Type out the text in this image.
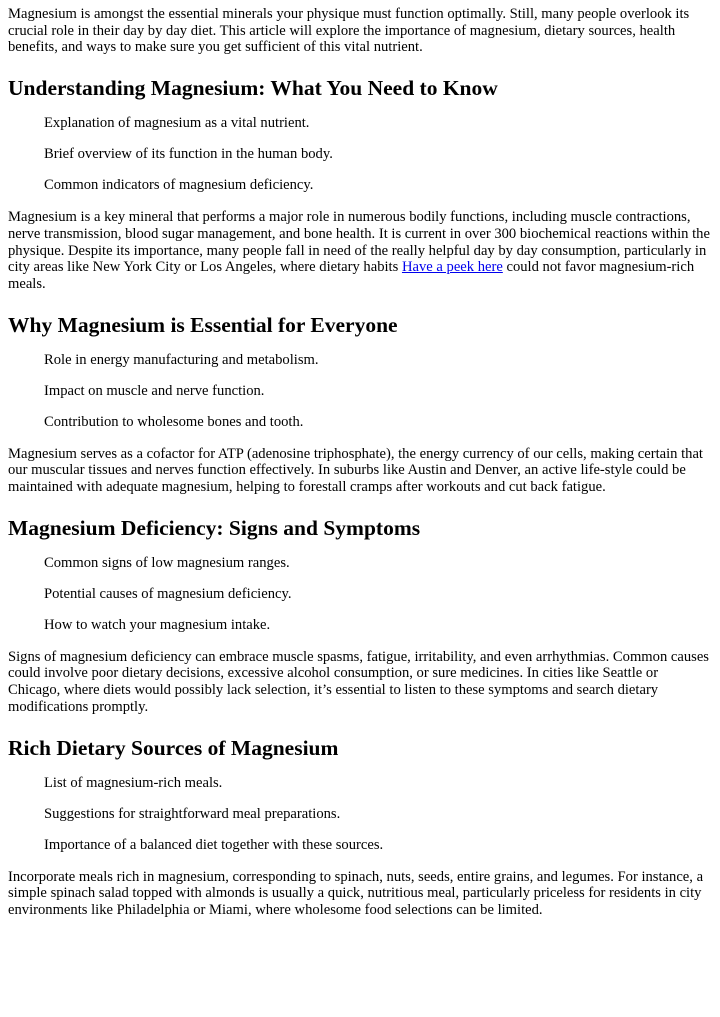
Magnesium is amongst the essential minerals your physique must function optimally. Still, many people overlook its crucial role in their day by day diet. This article will explore the importance of magnesium, dietary sources, health benefits, and ways to make sure you get sufficient of this vital nutrient.

Understanding Magnesium: What You Need to Know
Explanation of magnesium as a vital nutrient.
Brief overview of its function in the human body.
Common indicators of magnesium deficiency.

Magnesium is a key mineral that performs a major role in numerous bodily functions, including muscle contractions, nerve transmission, blood sugar management, and bone health. It is current in over 300 biochemical reactions within the physique. Despite its importance, many people fall in need of the really helpful day by day consumption, particularly in city areas like New York City or Los Angeles, where dietary habits Have a peek here could not favor magnesium-rich meals.

Why Magnesium is Essential for Everyone
Role in energy manufacturing and metabolism.
Impact on muscle and nerve function.
Contribution to wholesome bones and tooth.

Magnesium serves as a cofactor for ATP (adenosine triphosphate), the energy currency of our cells, making certain that our muscular tissues and nerves function effectively. In suburbs like Austin and Denver, an active life-style could be maintained with adequate magnesium, helping to forestall cramps after workouts and cut back fatigue.

Magnesium Deficiency: Signs and Symptoms
Common signs of low magnesium ranges.
Potential causes of magnesium deficiency.
How to watch your magnesium intake.

Signs of magnesium deficiency can embrace muscle spasms, fatigue, irritability, and even arrhythmias. Common causes could involve poor dietary decisions, excessive alcohol consumption, or sure medicines. In cities like Seattle or Chicago, where diets would possibly lack selection, it’s essential to listen to these symptoms and search dietary modifications promptly.

Rich Dietary Sources of Magnesium
List of magnesium-rich meals.
Suggestions for straightforward meal preparations.
Importance of a balanced diet together with these sources.

Incorporate meals rich in magnesium, corresponding to spinach, nuts, seeds, entire grains, and legumes. For instance, a simple spinach salad topped with almonds is usually a quick, nutritious meal, particularly priceless for residents in city environments like Philadelphia or Miami, where wholesome food selections can be limited.
